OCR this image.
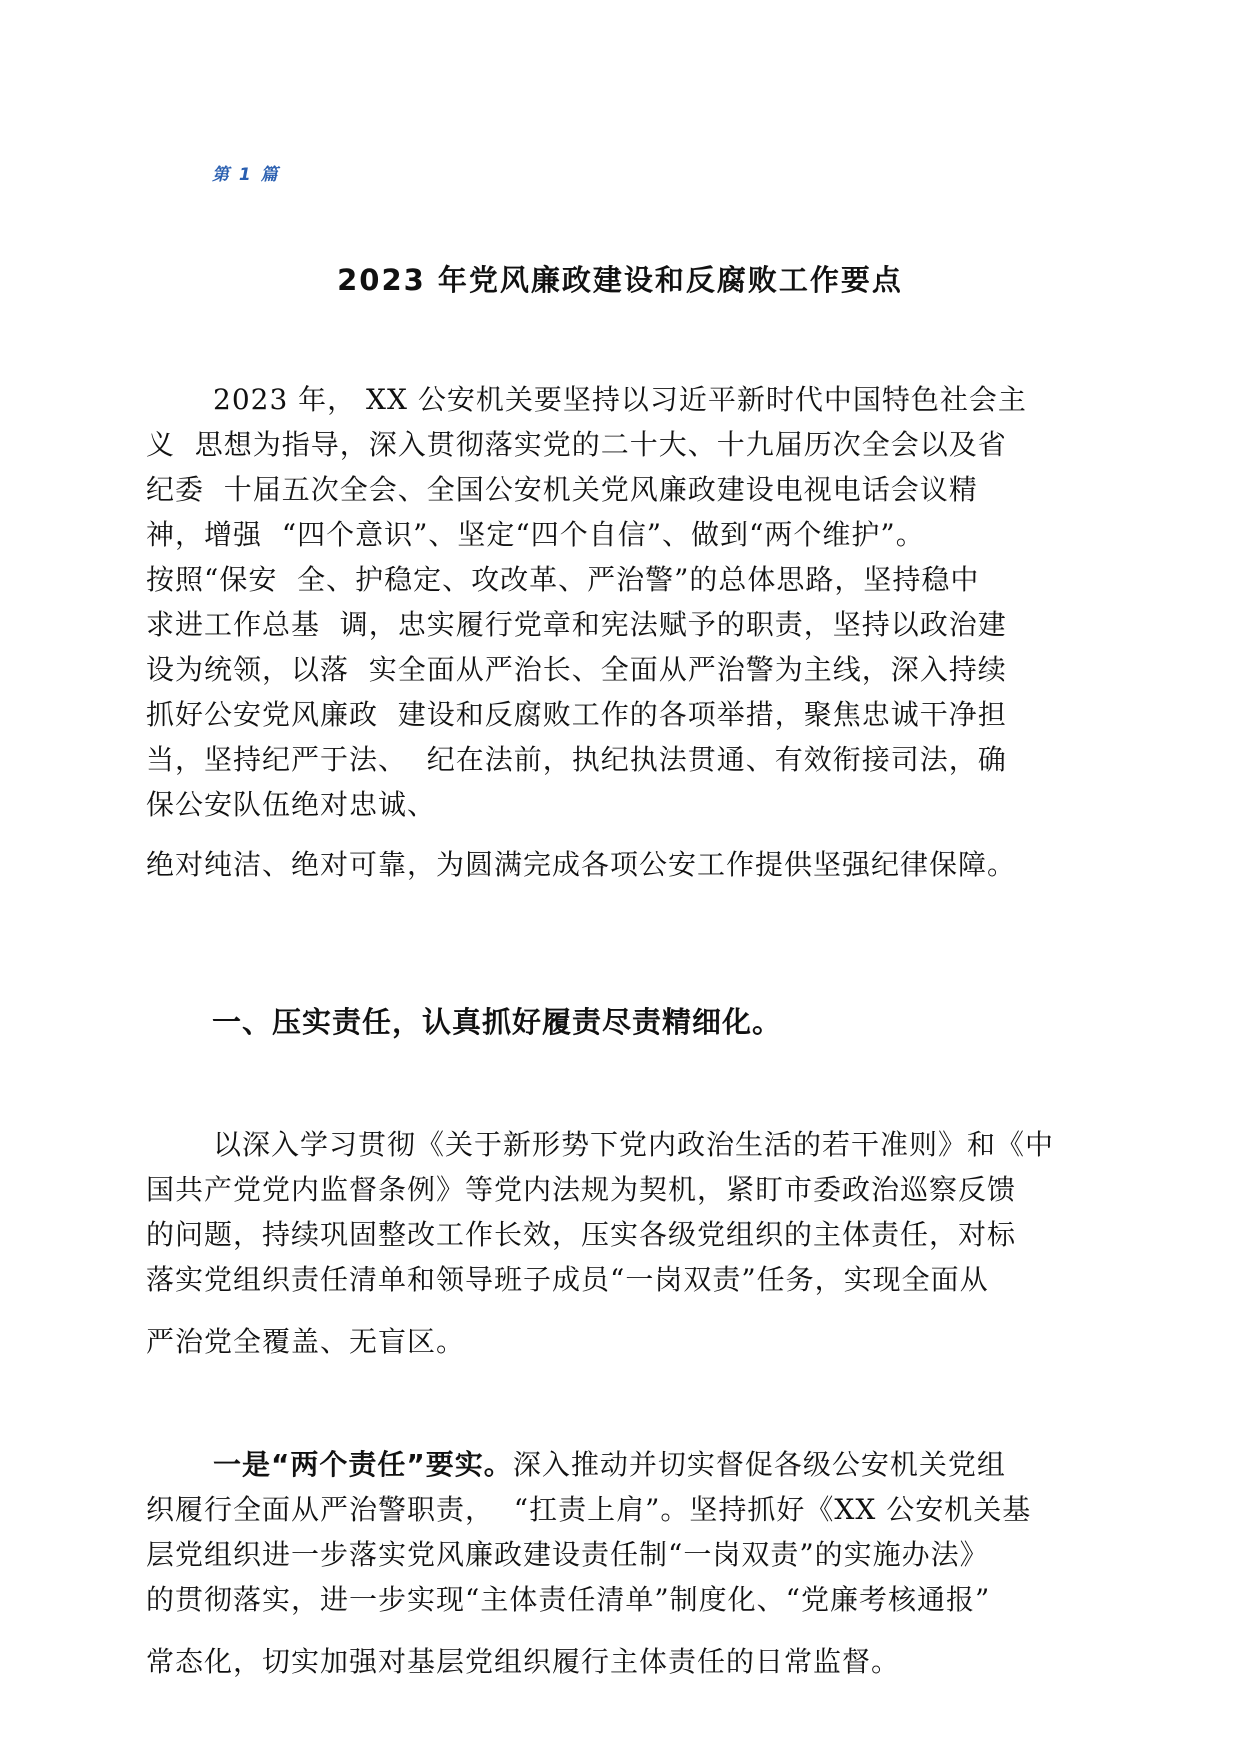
第 1 篇
2023 年党风廉政建设和反腐败工作要点
2023 年， XX 公安机关要坚持以习近平新时代中国特色社会主
义  思想为指导，深入贯彻落实党的二十大、十九届历次全会以及省
纪委  十届五次全会、全国公安机关党风廉政建设电视电话会议精
神，增强  “四个意识”、坚定“四个自信”、做到“两个维护”。
按照“保安  全、护稳定、攻改革、严治警”的总体思路，坚持稳中
求进工作总基  调，忠实履行党章和宪法赋予的职责，坚持以政治建
设为统领，以落  实全面从严治长、全面从严治警为主线，深入持续
抓好公安党风廉政  建设和反腐败工作的各项举措，聚焦忠诚干净担
当，坚持纪严于法、  纪在法前，执纪执法贯通、有效衔接司法，确
保公安队伍绝对忠诚、
绝对纯洁、绝对可靠，为圆满完成各项公安工作提供坚强纪律保障。
一、压实责任，认真抓好履责尽责精细化。
以深入学习贯彻《关于新形势下党内政治生活的若干准则》和《中
国共产党党内监督条例》等党内法规为契机，紧盯市委政治巡察反馈
的问题，持续巩固整改工作长效，压实各级党组织的主体责任，对标
落实党组织责任清单和领导班子成员“一岗双责”任务，实现全面从
严治党全覆盖、无盲区。
一是“两个责任”要实。深入推动并切实督促各级公安机关党组
织履行全面从严治警职责，  “扛责上肩”。坚持抓好《XX 公安机关基
层党组织进一步落实党风廉政建设责任制“一岗双责”的实施办法》
的贯彻落实，进一步实现“主体责任清单”制度化、“党廉考核通报”
常态化，切实加强对基层党组织履行主体责任的日常监督。
